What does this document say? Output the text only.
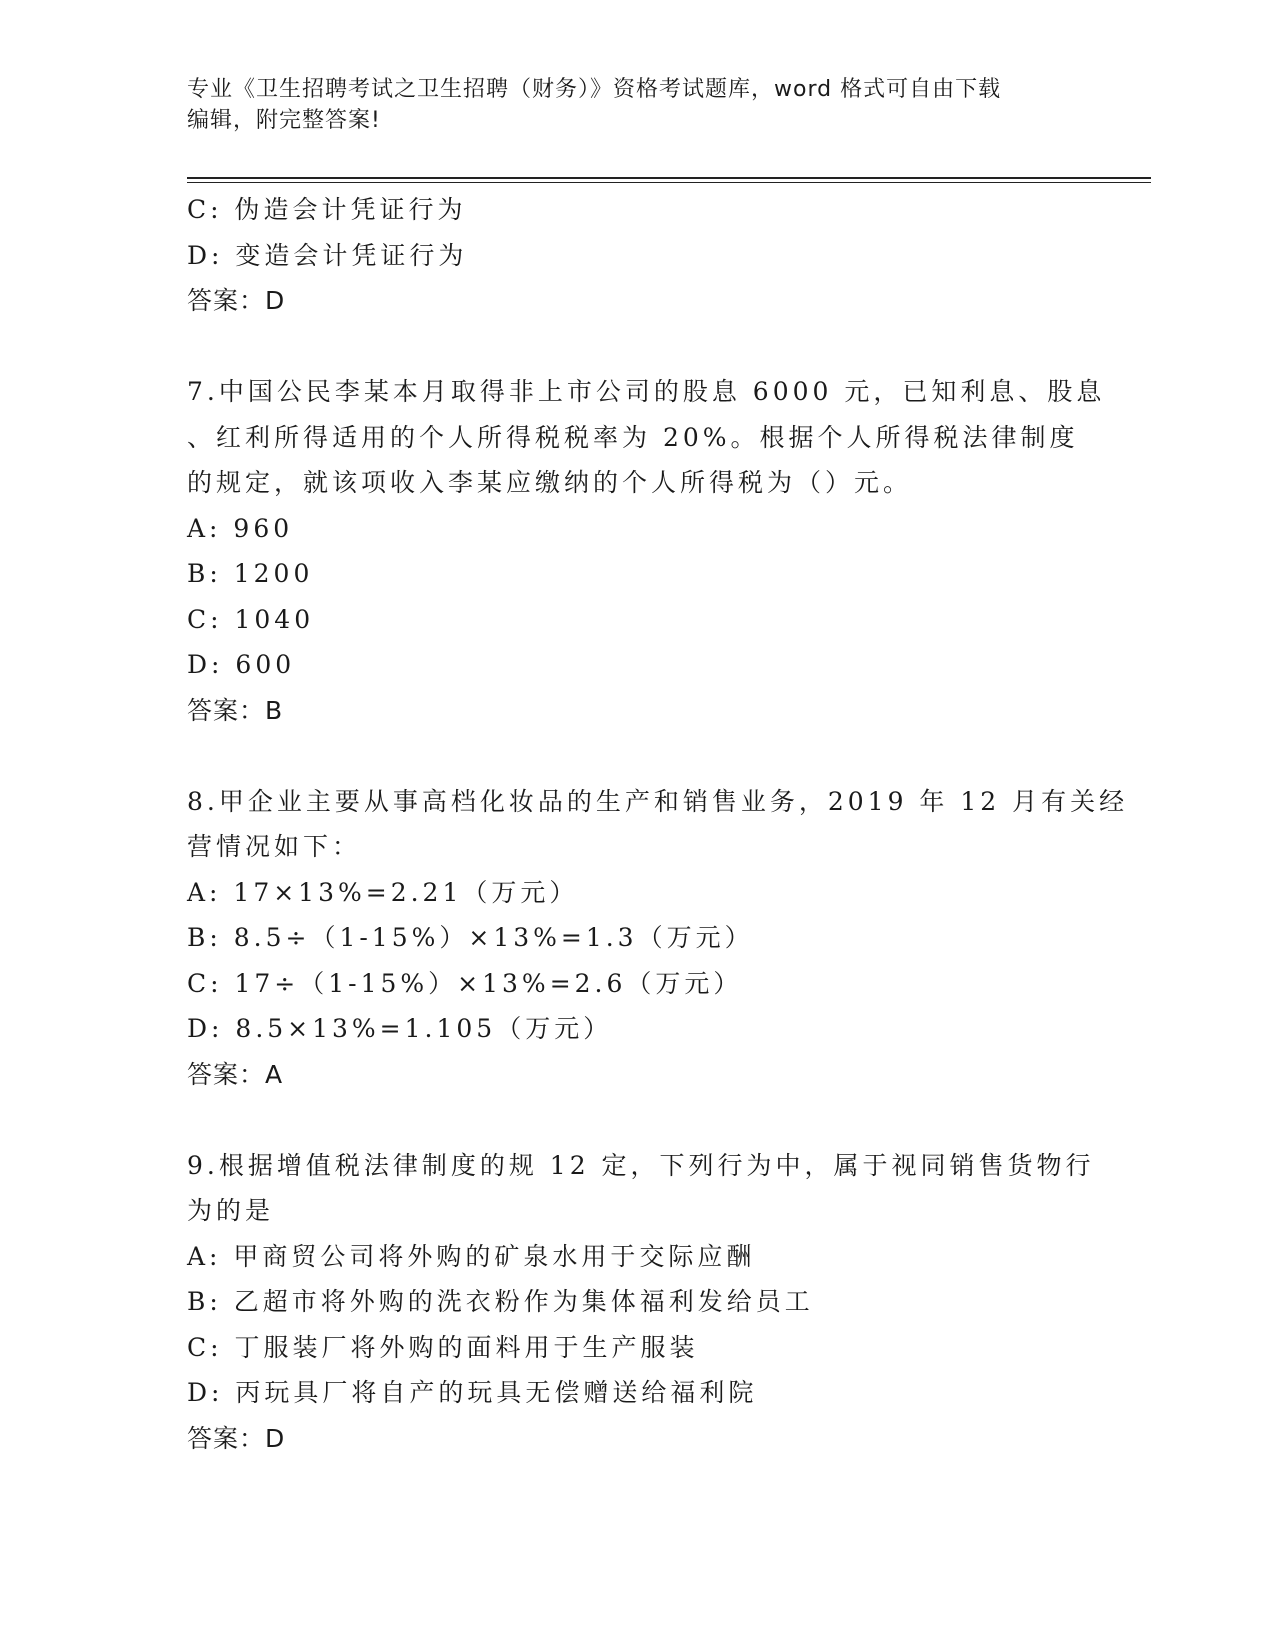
专业《卫生招聘考试之卫生招聘（财务）》资格考试题库，word 格式可自由下载
编辑，附完整答案!
C: 伪造会计凭证行为
D: 变造会计凭证行为
答案：D
7.中国公民李某本月取得非上市公司的股息 6000 元，已知利息、股息
、红利所得适用的个人所得税税率为 20%。根据个人所得税法律制度
的规定，就该项收入李某应缴纳的个人所得税为（）元。
A: 960
B: 1200
C: 1040
D: 600
答案：B
8.甲企业主要从事高档化妆品的生产和销售业务，2019 年 12 月有关经
营情况如下：
A: 17×13%=2.21（万元）
B: 8.5÷（1-15%）×13%=1.3（万元）
C: 17÷（1-15%）×13%=2.6（万元）
D: 8.5×13%=1.105（万元）
答案：A
9.根据增值税法律制度的规 12 定，下列行为中，属于视同销售货物行
为的是
A: 甲商贸公司将外购的矿泉水用于交际应酬
B: 乙超市将外购的洗衣粉作为集体福利发给员工
C: 丁服装厂将外购的面料用于生产服装
D: 丙玩具厂将自产的玩具无偿赠送给福利院
答案：D
